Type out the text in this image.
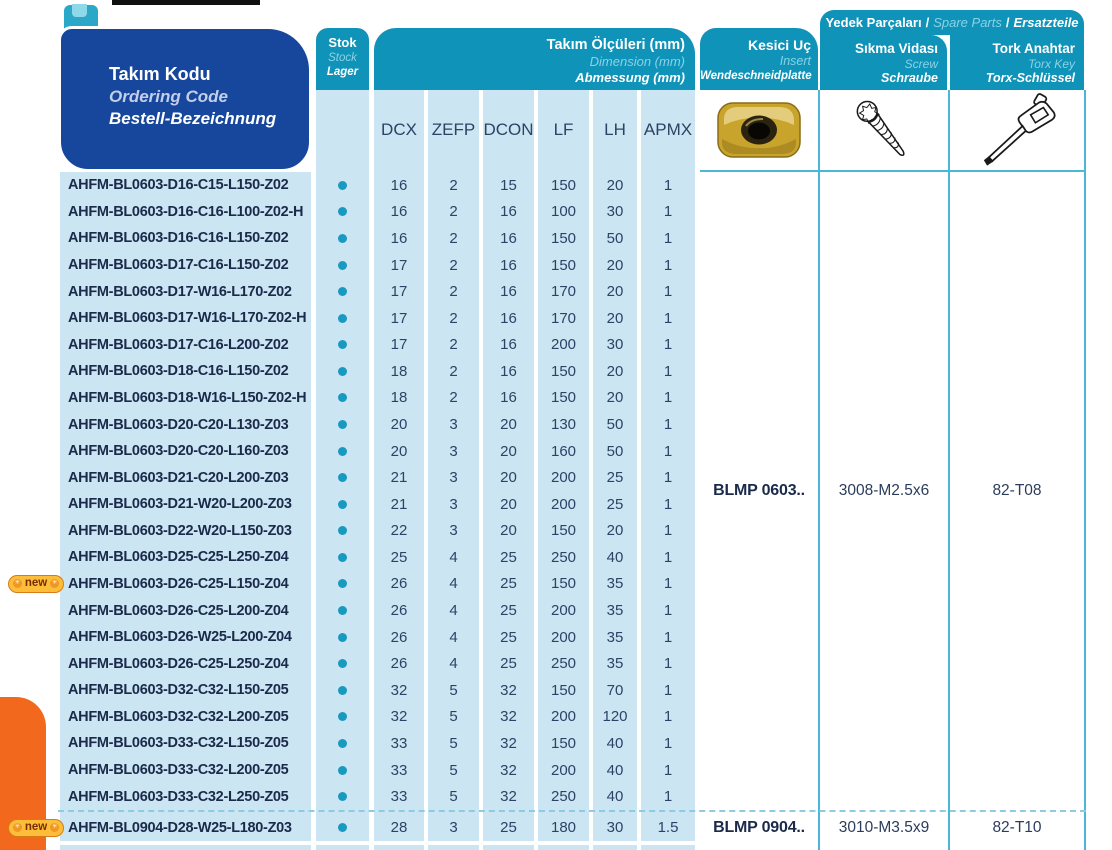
Takım Kodu
Ordering Code
Bestell-Bezeichnung
Stok
Stock
Lager
Takım Ölçüleri (mm)
Dimension (mm)
Abmessung (mm)
Kesici Uç
Insert
Wendeschneidplatte
Yedek Parçaları / Spare Parts / Ersatzteile
Sıkma Vidası
Screw
Schraube
Tork Anahtar
Torx Key
Torx-Schlüssel
DCX ZEFP DCON	LF	LH	APMX
BLMP 0603..	3008-M2.5x6	82-T08
BLMP 0904..	3010-M3.5x9	82-T10
AHFM-BL0603-D16-C15-L150-Z02	16	2	15	150	20	1
AHFM-BL0603-D16-C16-L100-Z02-H	16	2	16	100	30	1
AHFM-BL0603-D16-C16-L150-Z02	16	2	16	150	50	1
AHFM-BL0603-D17-C16-L150-Z02	17	2	16	150	20	1
AHFM-BL0603-D17-W16-L170-Z02	17	2	16	170	20	1
AHFM-BL0603-D17-W16-L170-Z02-H	17	2	16	170	20	1
AHFM-BL0603-D17-C16-L200-Z02	17	2	16	200	30	1
AHFM-BL0603-D18-C16-L150-Z02	18	2	16	150	20	1
AHFM-BL0603-D18-W16-L150-Z02-H	18	2	16	150	20	1
AHFM-BL0603-D20-C20-L130-Z03	20	3	20	130	50	1
AHFM-BL0603-D20-C20-L160-Z03	20	3	20	160	50	1
AHFM-BL0603-D21-C20-L200-Z03	21	3	20	200	25	1
AHFM-BL0603-D21-W20-L200-Z03	21	3	20	200	25	1
AHFM-BL0603-D22-W20-L150-Z03	22	3	20	150	20	1
AHFM-BL0603-D25-C25-L250-Z04	25	4	25	250	40	1
AHFM-BL0603-D26-C25-L150-Z04	26	4	25	150	35	1
✳ new ✳
AHFM-BL0603-D26-C25-L200-Z04	26	4	25	200	35	1
AHFM-BL0603-D26-W25-L200-Z04	26	4	25	200	35	1
AHFM-BL0603-D26-C25-L250-Z04	26	4	25	250	35	1
AHFM-BL0603-D32-C32-L150-Z05	32	5	32	150	70	1
AHFM-BL0603-D32-C32-L200-Z05	32	5	32	200	120	1
AHFM-BL0603-D33-C32-L150-Z05	33	5	32	150	40	1
AHFM-BL0603-D33-C32-L200-Z05	33	5	32	200	40	1
AHFM-BL0603-D33-C32-L250-Z05	33	5	32	250	40	1
AHFM-BL0904-D28-W25-L180-Z03	28	3	25	180	30	1.5
✳ new ✳
